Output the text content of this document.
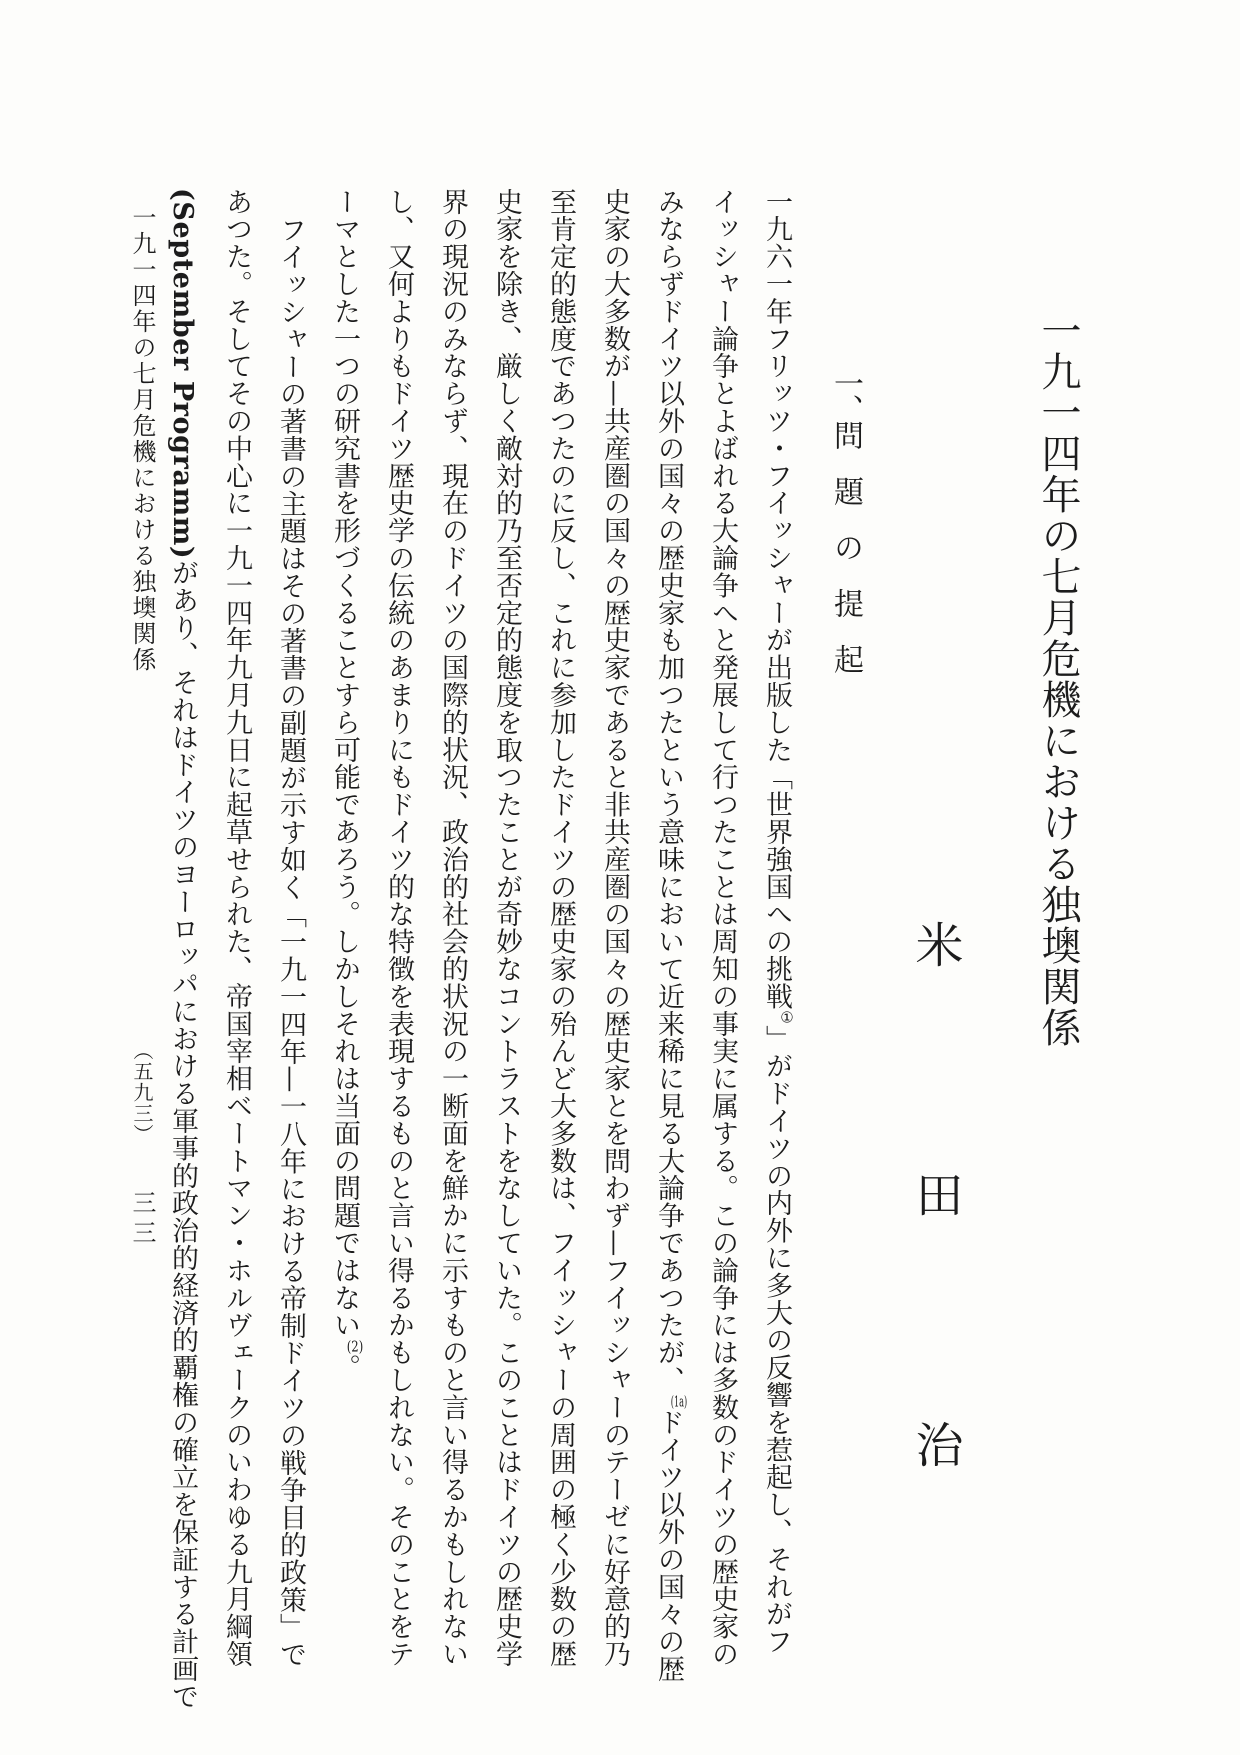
一九一四年の七月危機における独墺関係
米田治
一、問題の提起
一九六一年フリッツ・フイッシャーが出版した「世界強国への挑戦①」がドイツの内外に多大の反響を惹起し、それがフ
イッシャー論争とよばれる大論争へと発展して行つたことは周知の事実に属する。この論争には多数のドイツの歴史家の
みならずドイツ以外の国々の歴史家も加つたという意味において近来稀に見る大論争であつたが、(1a)ドイツ以外の国々の歴
史家の大多数が—共産圏の国々の歴史家であると非共産圏の国々の歴史家とを問わず—フイッシャーのテーゼに好意的乃
至肯定的態度であつたのに反し、これに参加したドイツの歴史家の殆んど大多数は、フイッシャーの周囲の極く少数の歴
史家を除き、厳しく敵対的乃至否定的態度を取つたことが奇妙なコントラストをなしていた。このことはドイツの歴史学
界の現況のみならず、現在のドイツの国際的状況、政治的社会的状況の一断面を鮮かに示すものと言い得るかもしれない
し、又何よりもドイツ歴史学の伝統のあまりにもドイツ的な特徴を表現するものと言い得るかもしれない。そのことをテ
ーマとした一つの研究書を形づくることすら可能であろう。しかしそれは当面の問題ではない(2)。
フイッシャーの著書の主題はその著書の副題が示す如く「一九一四年—一八年における帝制ドイツの戦争目的政策」で
あつた。そしてその中心に一九一四年九月九日に起草せられた、帝国宰相ベートマン・ホルヴェークのいわゆる九月綱領
(September Programm)があり、それはドイツのヨーロッパにおける軍事的政治的経済的覇権の確立を保証する計画で
一九一四年の七月危機における独墺関係
（五九三）
三三
